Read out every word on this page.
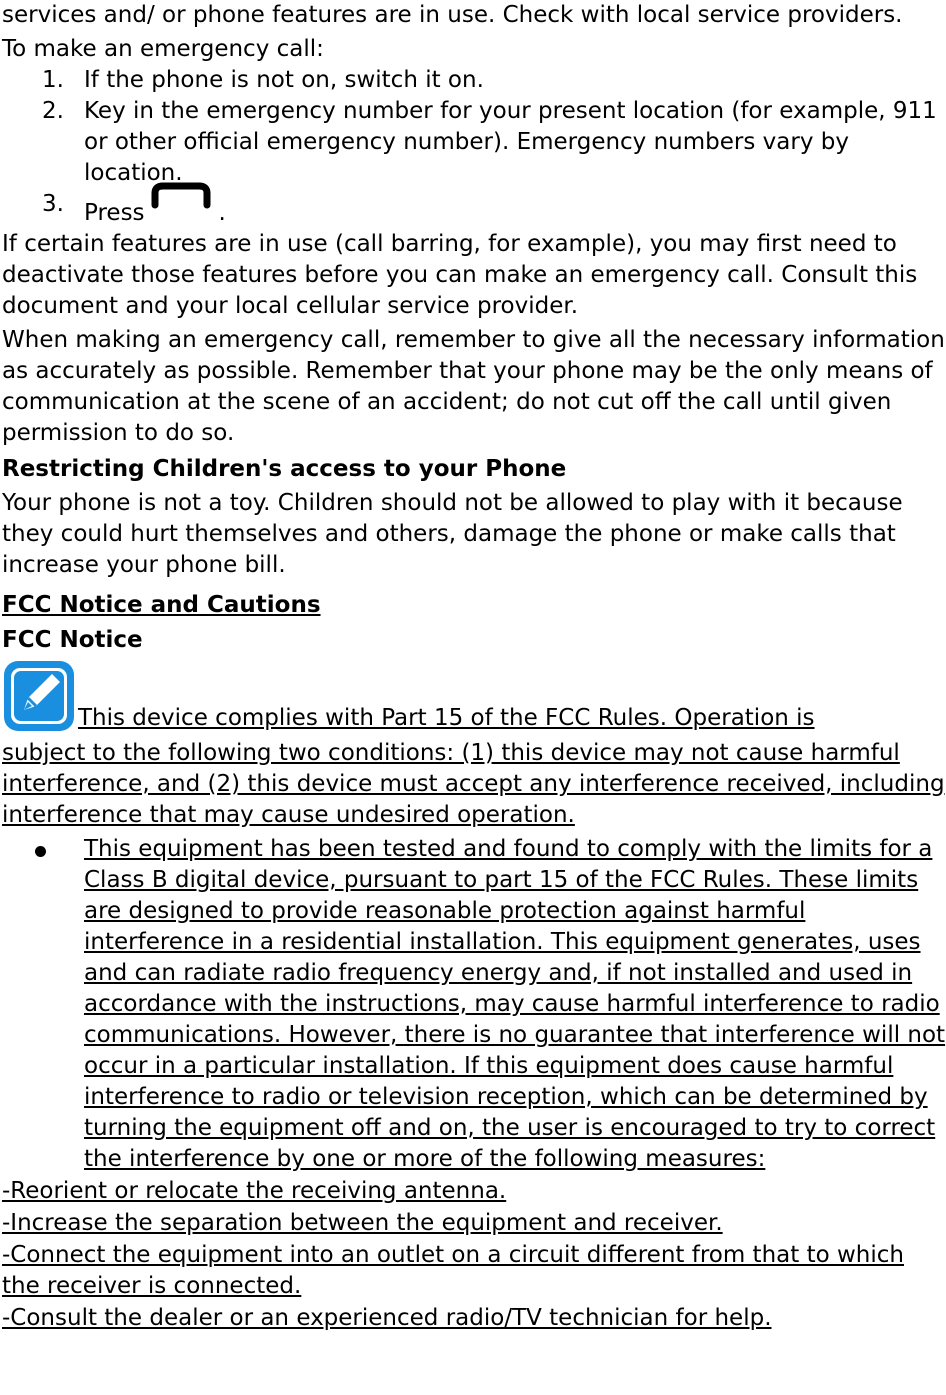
services and/ or phone features are in use. Check with local service providers.

To make an emergency call:

1. If the phone is not on, switch it on.
2. Key in the emergency number for your present location (for example, 911 or other official emergency number). Emergency numbers vary by location.
3. Press	.

If certain features are in use (call barring, for example), you may first need to deactivate those features before you can make an emergency call. Consult this document and your local cellular service provider.

When making an emergency call, remember to give all the necessary information as accurately as possible. Remember that your phone may be the only means of communication at the scene of an accident; do not cut off the call until given permission to do so.

Restricting Children's access to your Phone

Your phone is not a toy. Children should not be allowed to play with it because they could hurt themselves and others, damage the phone or make calls that increase your phone bill.

FCC Notice and Cautions
FCC Notice
This device complies with Part 15 of the FCC Rules. Operation is

subject to the following two conditions: (1) this device may not cause harmful interference, and (2) this device must accept any interference received, including interference that may cause undesired operation.

This equipment has been tested and found to comply with the limits for a Class B digital device, pursuant to part 15 of the FCC Rules. These limits are designed to provide reasonable protection against harmful interference in a residential installation. This equipment generates, uses and can radiate radio frequency energy and, if not installed and used in accordance with the instructions, may cause harmful interference to radio communications. However, there is no guarantee that interference will not occur in a particular installation. If this equipment does cause harmful interference to radio or television reception, which can be determined by turning the equipment off and on, the user is encouraged to try to correct the interference by one or more of the following measures:

-Reorient or relocate the receiving antenna.

-Increase the separation between the equipment and receiver.

-Connect the equipment into an outlet on a circuit different from that to which the receiver is connected.

-Consult the dealer or an experienced radio/TV technician for help.
